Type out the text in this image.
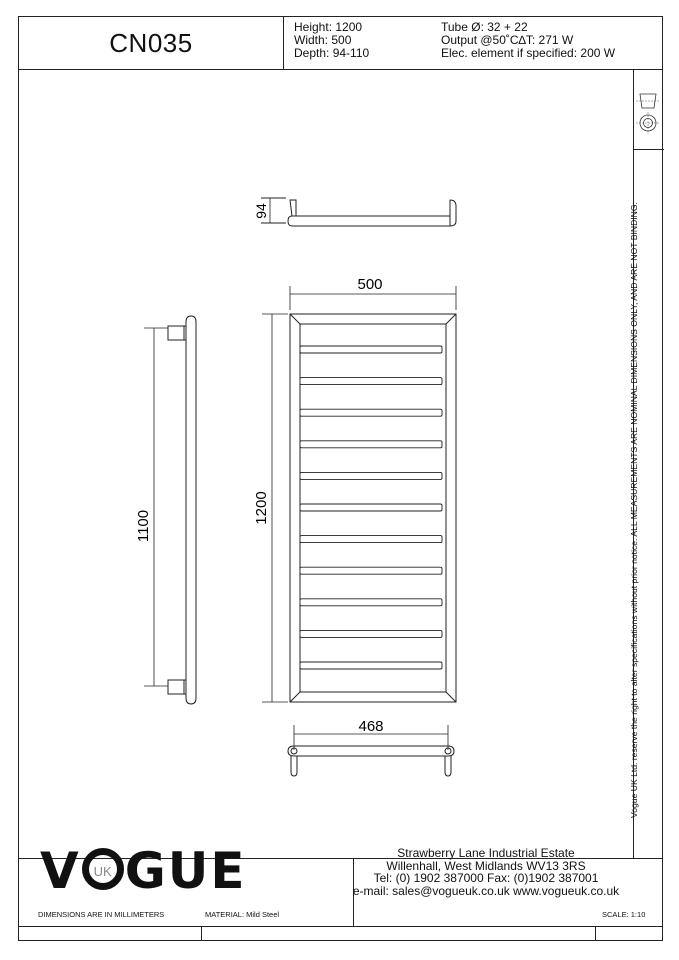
CN035
Height: 1200
Width: 500
Depth: 94-110
Tube Ø: 32 + 22
Output @50˚C∆T: 271 W
Elec. element if specified: 200 W
Vogue UK Ltd. reserve the right to alter specifications without prior notice. ALL MEASUREMENTS ARE NOMINAL DIMENSIONS ONLY, AND ARE NOT BINDING.
94
500
1200
1100
468
V UK GUE	Strawberry Lane Industrial Estate
Willenhall, West Midlands WV13 3RS
Tel: (0) 1902 387000 Fax: (0)1902 387001
e-mail: sales@vogueuk.co.uk www.vogueuk.co.uk
DIMENSIONS ARE IN MILLIMETERS	MATERIAL: Mild Steel	SCALE: 1:10
